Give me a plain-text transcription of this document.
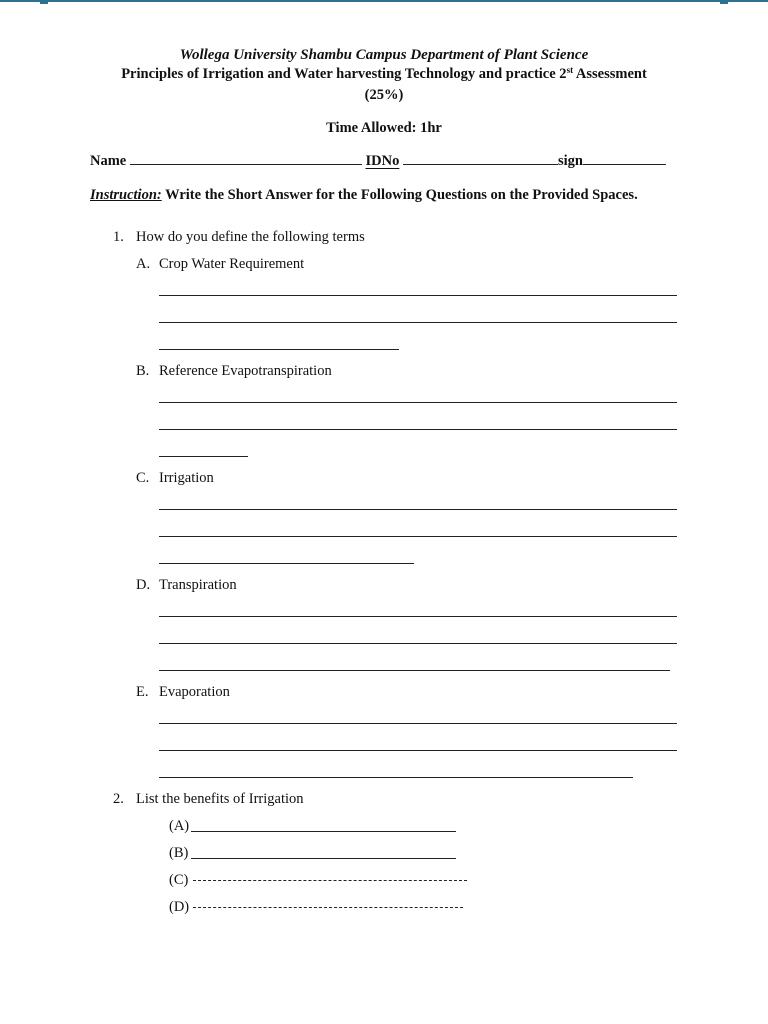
Wollega University Shambu Campus Department of Plant Science
Principles of Irrigation and Water harvesting Technology and practice 2st Assessment
(25%)
Time Allowed: 1hr
Name	IDNo	sign
Instruction: Write the Short Answer for the Following Questions on the Provided Spaces.
1. How do you define the following terms
A. Crop Water Requirement
B. Reference Evapotranspiration
C. Irrigation
D. Transpiration
E. Evaporation
2. List the benefits of Irrigation
(A)
(B)
(C)
(D)
